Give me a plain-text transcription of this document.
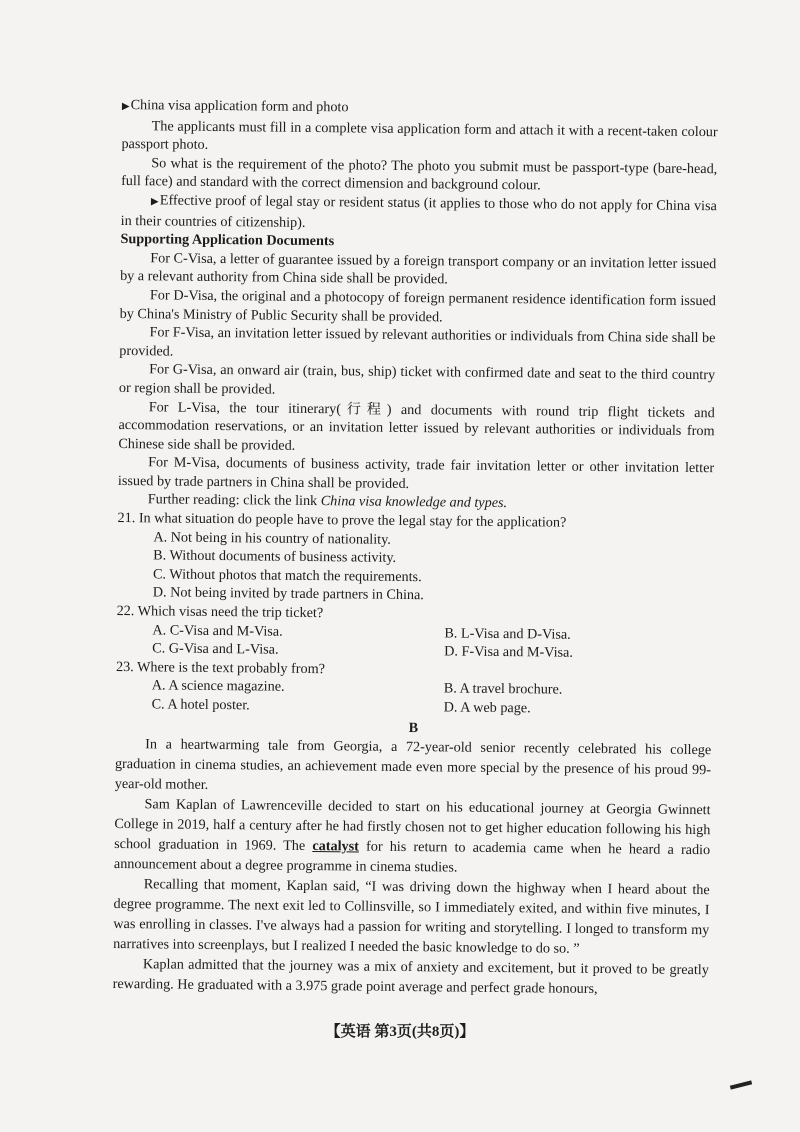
▶ China visa application form and photo

The applicants must fill in a complete visa application form and attach it with a recent-taken colour passport photo.

So what is the requirement of the photo? The photo you submit must be passport-type (bare-head, full face) and standard with the correct dimension and background colour.

▶ Effective proof of legal stay or resident status (it applies to those who do not apply for China visa in their countries of citizenship).

Supporting Application Documents

For C-Visa, a letter of guarantee issued by a foreign transport company or an invitation letter issued by a relevant authority from China side shall be provided.

For D-Visa, the original and a photocopy of foreign permanent residence identification form issued by China's Ministry of Public Security shall be provided.

For F-Visa, an invitation letter issued by relevant authorities or individuals from China side shall be provided.

For G-Visa, an onward air (train, bus, ship) ticket with confirmed date and seat to the third country or region shall be provided.

For L-Visa, the tour itinerary(行程) and documents with round trip flight tickets and accommodation reservations, or an invitation letter issued by relevant authorities or individuals from Chinese side shall be provided.

For M-Visa, documents of business activity, trade fair invitation letter or other invitation letter issued by trade partners in China shall be provided.

Further reading: click the link China visa knowledge and types.

21. In what situation do people have to prove the legal stay for the application?

A. Not being in his country of nationality.

B. Without documents of business activity.

C. Without photos that match the requirements.

D. Not being invited by trade partners in China.

22. Which visas need the trip ticket?

A. C-Visa and M-Visa.	B. L-Visa and D-Visa.
C. G-Visa and L-Visa.	D. F-Visa and M-Visa.

23. Where is the text probably from?

A. A science magazine.	B. A travel brochure.
C. A hotel poster.	D. A web page.

B

In a heartwarming tale from Georgia, a 72-year-old senior recently celebrated his college graduation in cinema studies, an achievement made even more special by the presence of his proud 99-year-old mother.

Sam Kaplan of Lawrenceville decided to start on his educational journey at Georgia Gwinnett College in 2019, half a century after he had firstly chosen not to get higher education following his high school graduation in 1969. The catalyst for his return to academia came when he heard a radio announcement about a degree programme in cinema studies.

Recalling that moment, Kaplan said, “I was driving down the highway when I heard about the degree programme. The next exit led to Collinsville, so I immediately exited, and within five minutes, I was enrolling in classes. I've always had a passion for writing and storytelling. I longed to transform my narratives into screenplays, but I realized I needed the basic knowledge to do so. ”

Kaplan admitted that the journey was a mix of anxiety and excitement, but it proved to be greatly rewarding. He graduated with a 3.975 grade point average and perfect grade honours,

【英语 第3页(共8页)】
